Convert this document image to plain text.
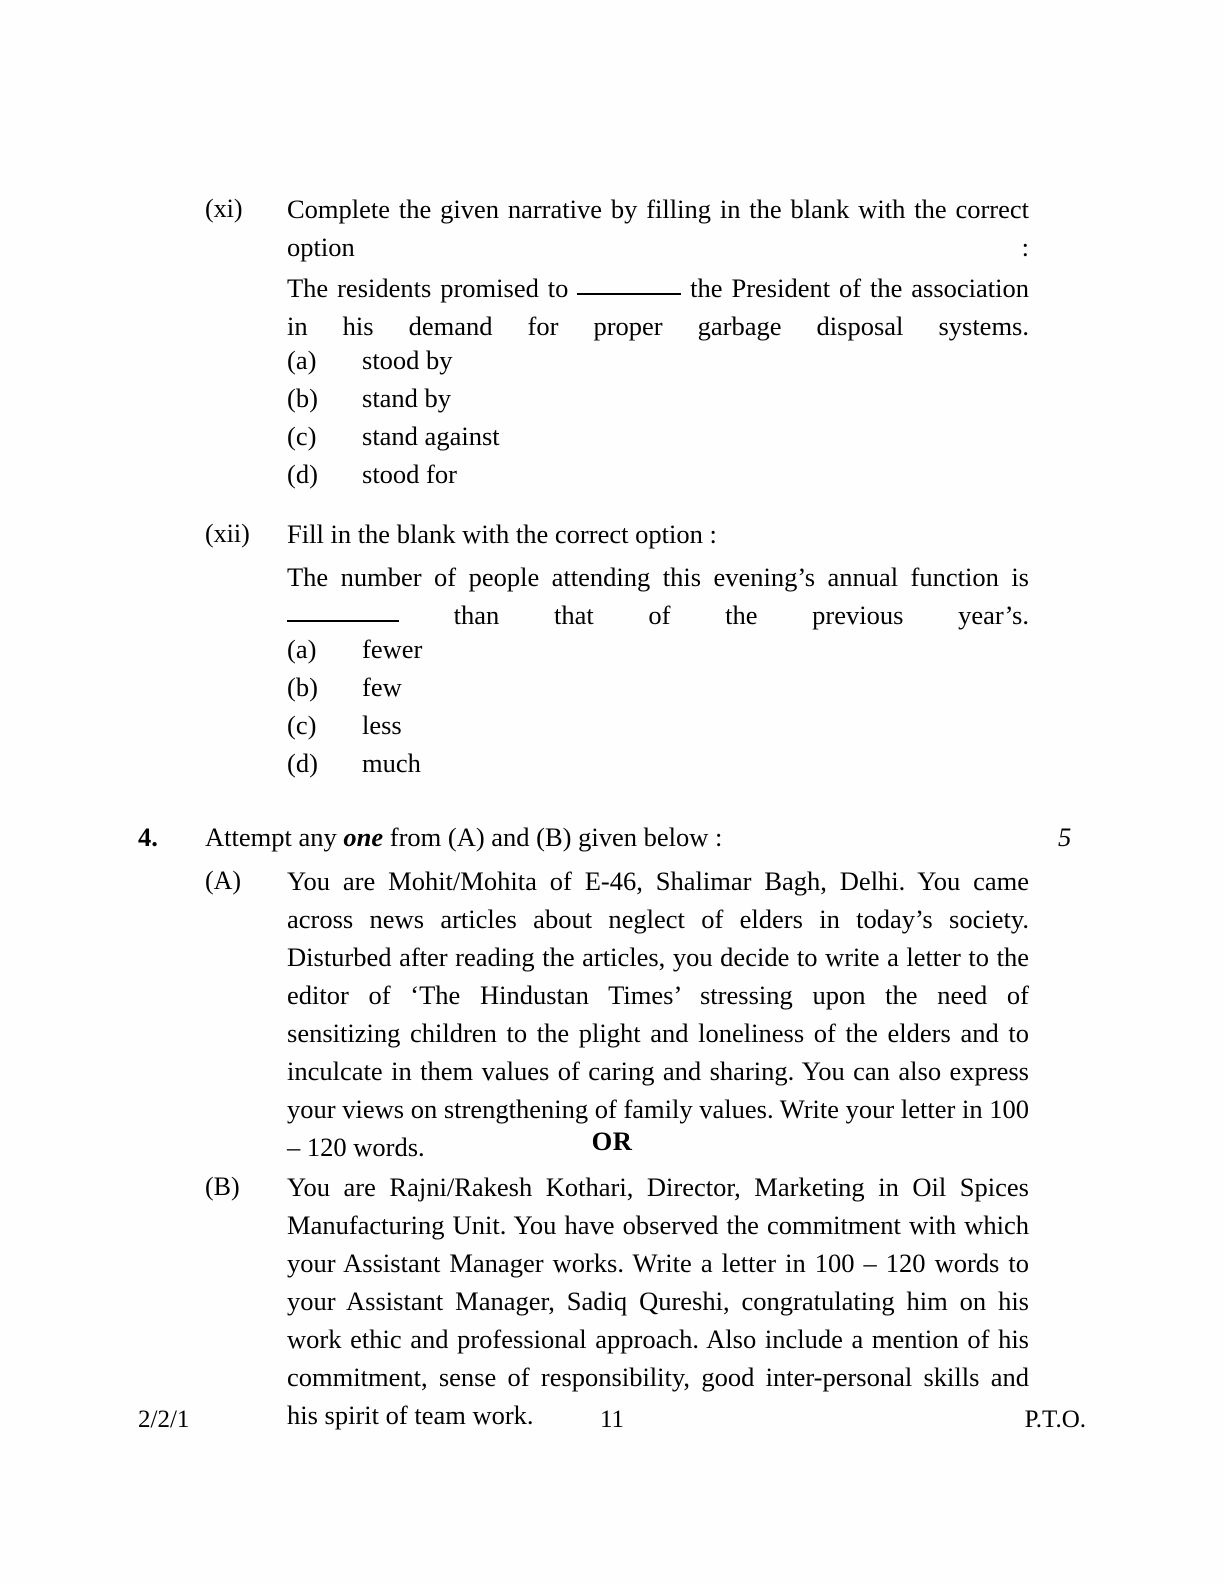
(xi) Complete the given narrative by filling in the blank with the correct option :
The residents promised to	the President of the association in his demand for proper garbage disposal systems.
(a) stood by
(b) stand by
(c) stand against
(d) stood for
(xii) Fill in the blank with the correct option :
The number of people attending this evening’s annual function is  than that of the previous year’s.
(a) fewer
(b) few
(c) less
(d) much
4. Attempt any one from (A) and (B) given below :	5
(A) You are Mohit/Mohita of E-46, Shalimar Bagh, Delhi. You came across news articles about neglect of elders in today’s society. Disturbed after reading the articles, you decide to write a letter to the editor of ‘The Hindustan Times’ stressing upon the need of sensitizing children to the plight and loneliness of the elders and to inculcate in them values of caring and sharing. You can also express your views on strengthening of family values. Write your letter in 100 – 120 words.	OR
(B) You are Rajni/Rakesh Kothari, Director, Marketing in Oil Spices Manufacturing Unit. You have observed the commitment with which your Assistant Manager works. Write a letter in 100 – 120 words to your Assistant Manager, Sadiq Qureshi, congratulating him on his work ethic and professional approach. Also include a mention of his commitment, sense of responsibility, good inter-personal skills and his spirit of team work.
2/2/1	11	P.T.O.
